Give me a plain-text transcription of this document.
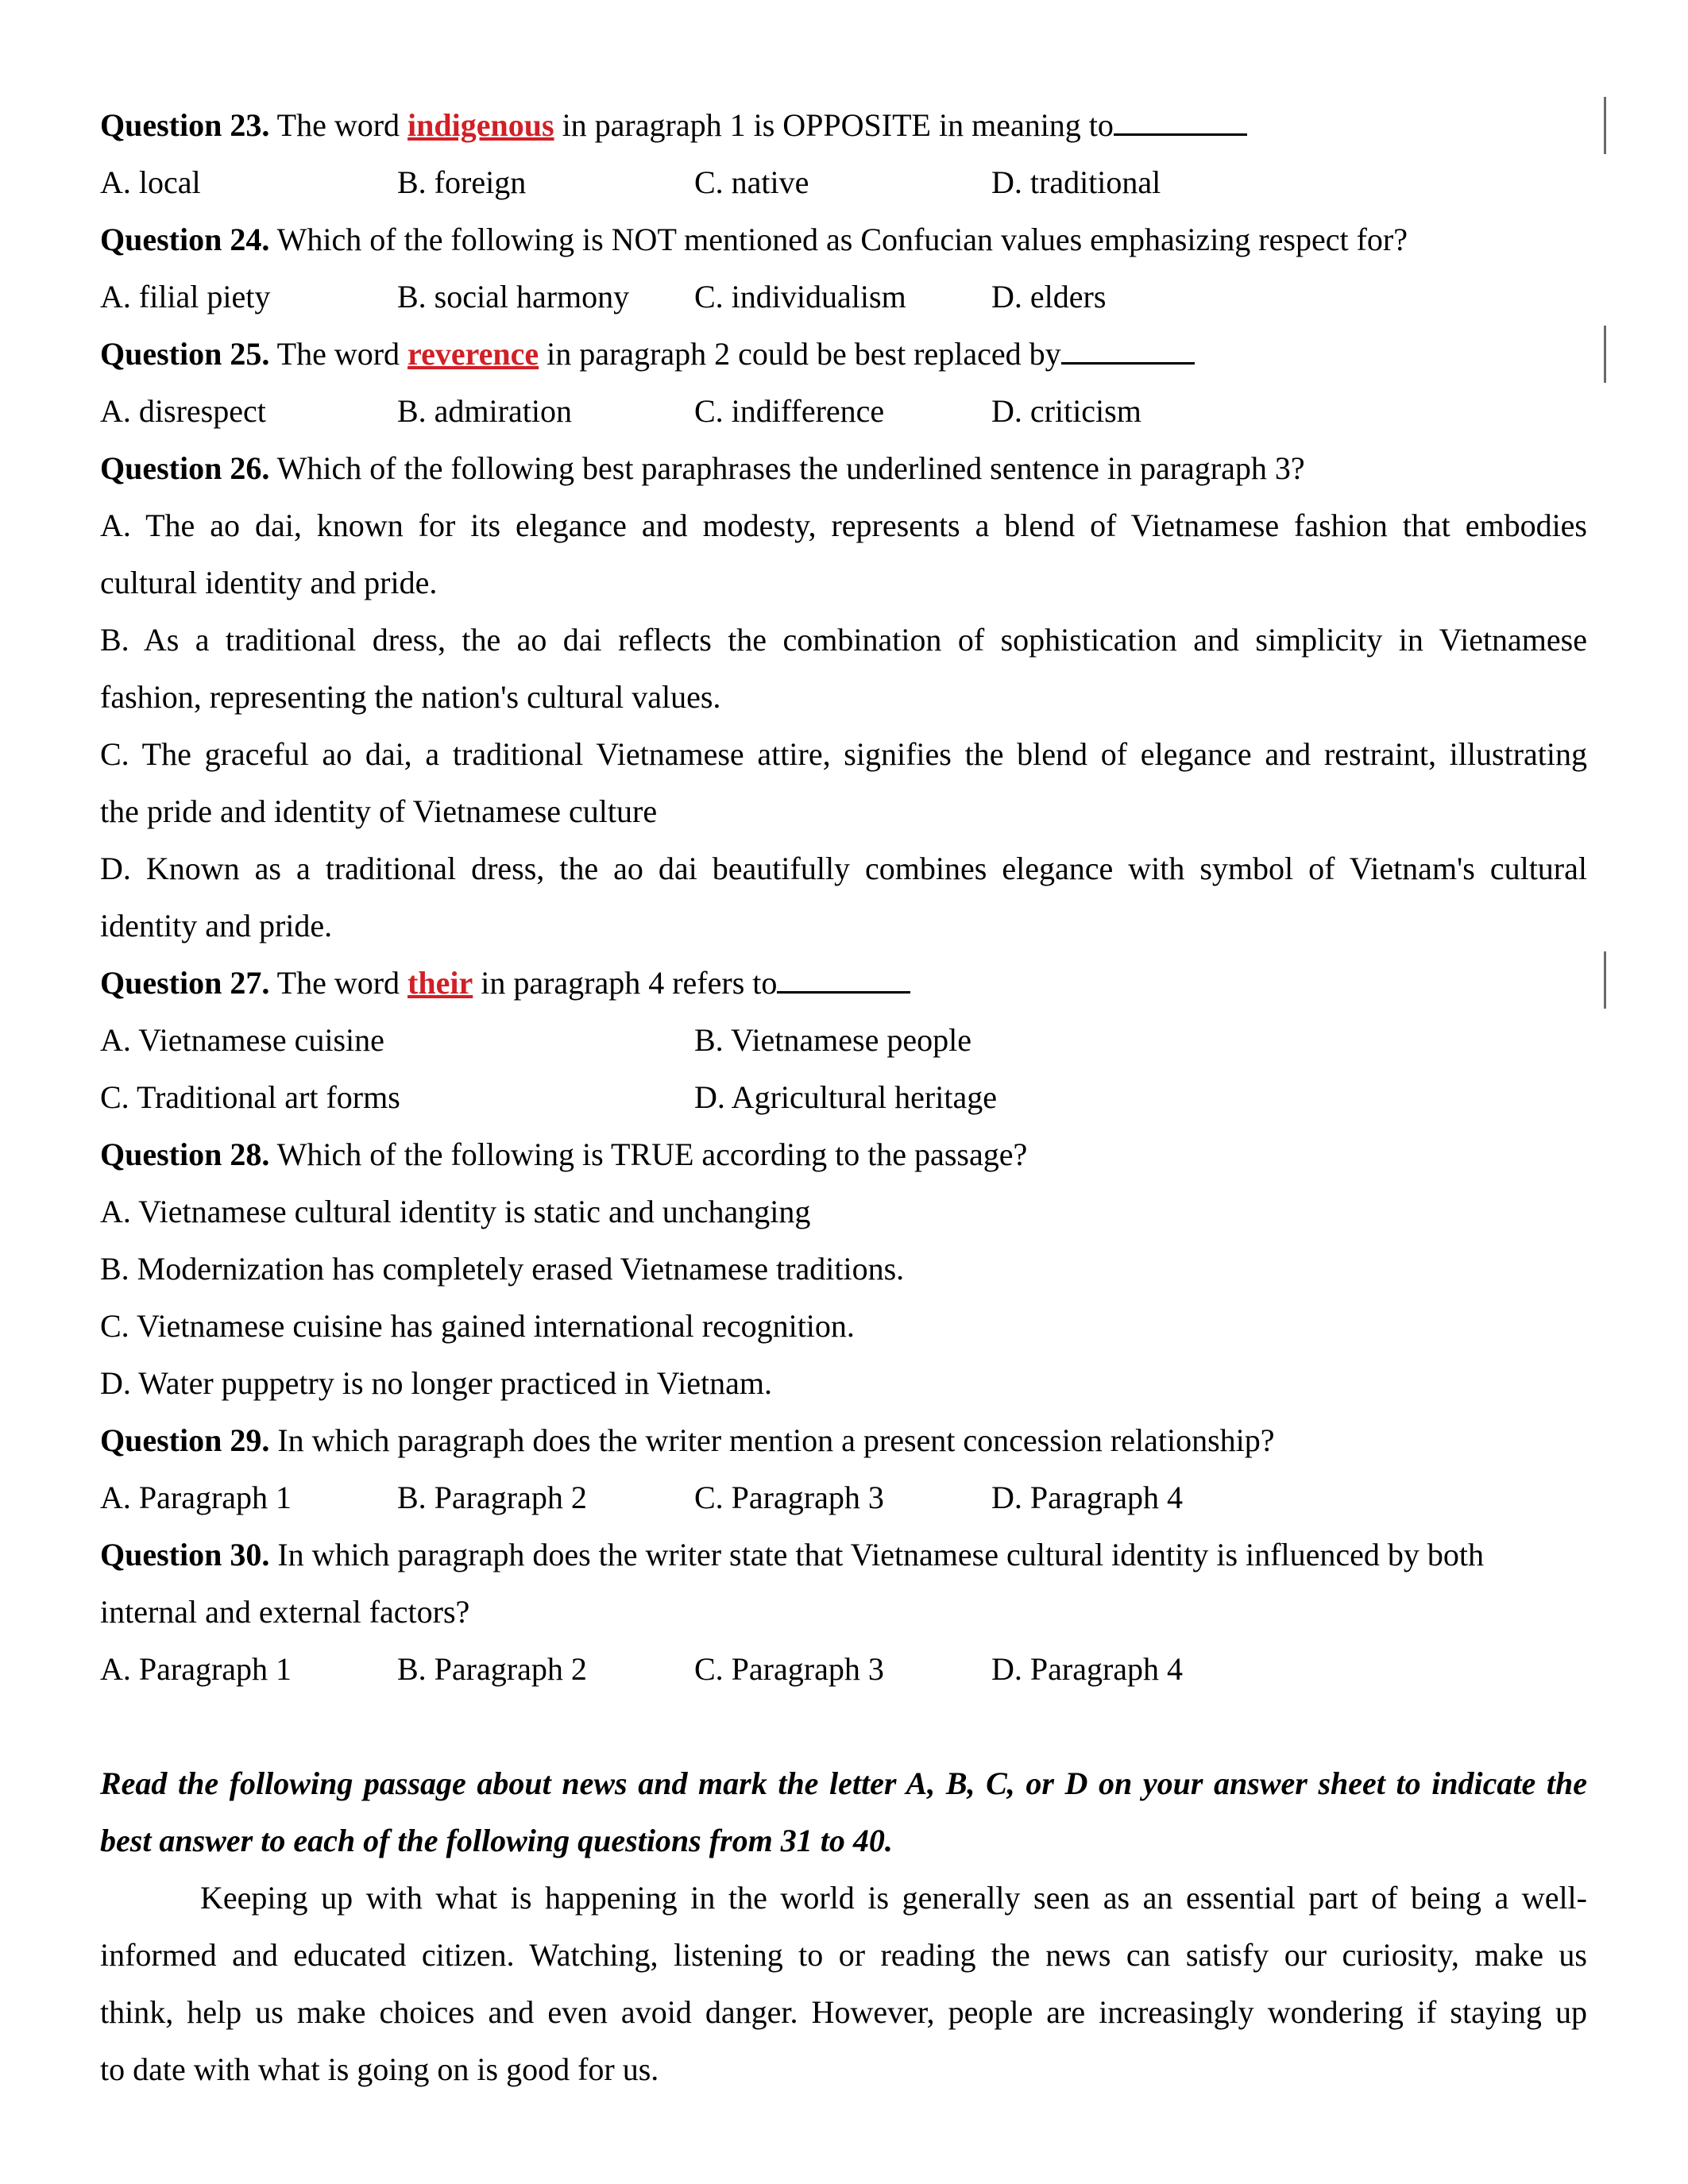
Question 23. The word indigenous in paragraph 1 is OPPOSITE in meaning to
A. local	B. foreign	C. native	D. traditional
Question 24. Which of the following is NOT mentioned as Confucian values emphasizing respect for?
A. filial piety	B. social harmony C. individualism	D. elders
Question 25. The word reverence in paragraph 2 could be best replaced by
A. disrespect	B. admiration	C. indifference	D. criticism
Question 26. Which of the following best paraphrases the underlined sentence in paragraph 3?
A. The ao dai, known for its elegance and modesty, represents a blend of Vietnamese fashion that embodies
cultural identity and pride.
B. As a traditional dress, the ao dai reflects the combination of sophistication and simplicity in Vietnamese
fashion, representing the nation's cultural values.
C. The graceful ao dai, a traditional Vietnamese attire, signifies the blend of elegance and restraint, illustrating
the pride and identity of Vietnamese culture
D. Known as a traditional dress, the ao dai beautifully combines elegance with symbol of Vietnam's cultural
identity and pride.
Question 27. The word their in paragraph 4 refers to
A. Vietnamese cuisine	B. Vietnamese people
C. Traditional art forms	D. Agricultural heritage
Question 28. Which of the following is TRUE according to the passage?
A. Vietnamese cultural identity is static and unchanging
B. Modernization has completely erased Vietnamese traditions.
C. Vietnamese cuisine has gained international recognition.
D. Water puppetry is no longer practiced in Vietnam.
Question 29. In which paragraph does the writer mention a present concession relationship?
A. Paragraph 1	B. Paragraph 2	C. Paragraph 3	D. Paragraph 4
Question 30. In which paragraph does the writer state that Vietnamese cultural identity is influenced by both
internal and external factors?
A. Paragraph 1	B. Paragraph 2	C. Paragraph 3	D. Paragraph 4
Read the following passage about news and mark the letter A, B, C, or D on your answer sheet to indicate the
best answer to each of the following questions from 31 to 40.
Keeping up with what is happening in the world is generally seen as an essential part of being a well-
informed and educated citizen. Watching, listening to or reading the news can satisfy our curiosity, make us
think, help us make choices and even avoid danger. However, people are increasingly wondering if staying up
to date with what is going on is good for us.
